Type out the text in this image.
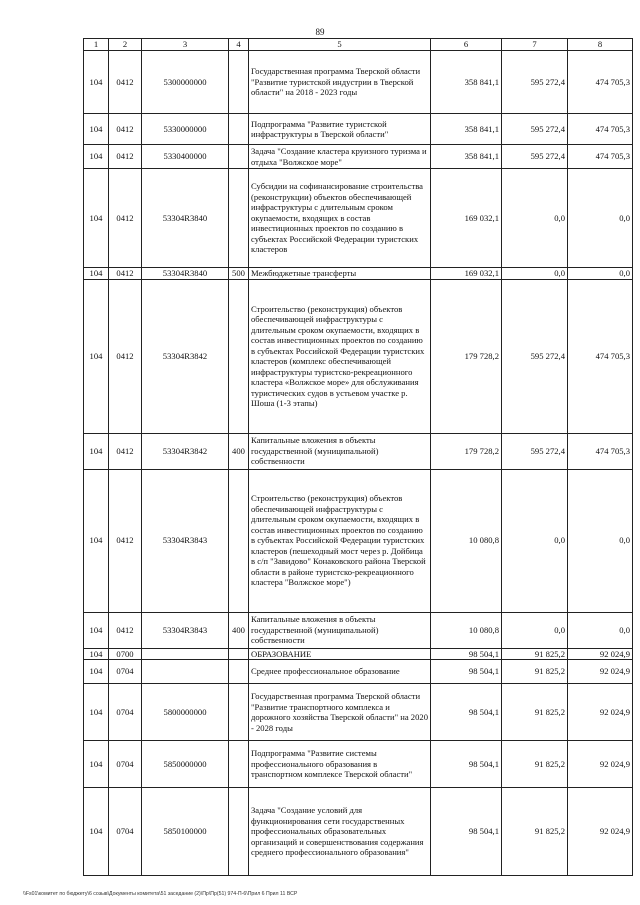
89
1	2	3	4	5	6	7	8
104	0412	5300000000		Государственная программа Тверской области "Развитие туристской индустрии в Тверской области" на 2018 - 2023 годы	358 841,1	595 272,4	474 705,3
104	0412	5330000000		Подпрограмма "Развитие туристской инфраструктуры в Тверской области"	358 841,1	595 272,4	474 705,3
104	0412	5330400000		Задача "Создание кластера круизного туризма и отдыха "Волжское море"	358 841,1	595 272,4	474 705,3
104	0412	53304R3840		Субсидии на софинансирование строительства (реконструкции) объектов обеспечивающей инфраструктуры с длительным сроком окупаемости, входящих в состав инвестиционных проектов по созданию в субъектах Российской Федерации туристских кластеров	169 032,1	0,0	0,0
104	0412	53304R3840	500	Межбюджетные трансферты	169 032,1	0,0	0,0
104	0412	53304R3842		Строительство (реконструкция) объектов обеспечивающей инфраструктуры с длительным сроком окупаемости, входящих в состав инвестиционных проектов по созданию в субъектах Российской Федерации туристских кластеров (комплекс обеспечивающей инфраструктуры туристско-рекреационного кластера «Волжское море» для обслуживания туристических судов в устьевом участке р. Шоша (1-3 этапы)	179 728,2	595 272,4	474 705,3
104	0412	53304R3842	400	Капитальные вложения в объекты государственной (муниципальной) собственности	179 728,2	595 272,4	474 705,3
104	0412	53304R3843		Строительство (реконструкция) объектов обеспечивающей инфраструктуры с длительным сроком окупаемости, входящих в состав инвестиционных проектов по созданию в субъектах Российской Федерации туристских кластеров (пешеходный мост через р. Дойбица в с/п "Завидово" Конаковского района Тверской области в районе туристско-рекреационного кластера "Волжское море")	10 080,8	0,0	0,0
104	0412	53304R3843	400	Капитальные вложения в объекты государственной (муниципальной) собственности	10 080,8	0,0	0,0
104	0700			ОБРАЗОВАНИЕ	98 504,1	91 825,2	92 024,9
104	0704			Среднее профессиональное образование	98 504,1	91 825,2	92 024,9
104	0704	5800000000		Государственная программа Тверской области "Развитие транспортного комплекса и дорожного хозяйства Тверской области" на 2020 - 2028 годы	98 504,1	91 825,2	92 024,9
104	0704	5850000000		Подпрограмма "Развитие системы профессионального образования в транспортном комплексе Тверской области"	98 504,1	91 825,2	92 024,9
104	0704	5850100000		Задача "Создание условий для функционирования сети государственных профессиональных образовательных организаций и совершенствования содержания среднего профессионального образования"	98 504,1	91 825,2	92 024,9
\\Fs01\комитет по бюджету\6 созыв\Документы комитета\51 заседание (2)\Пр\Пр(51) 974-П-6\Прил 6 Прил 11 ВСР
